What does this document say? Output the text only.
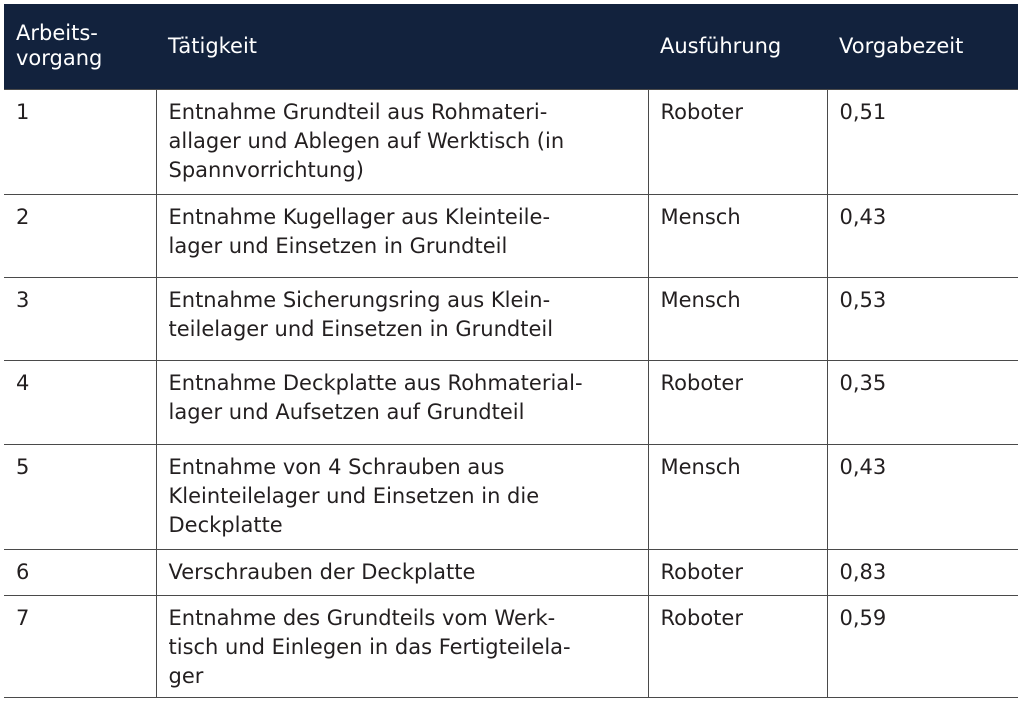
Arbeits-
vorgang	Tätigkeit	Ausführung	Vorgabezeit
1	Entnahme Grundteil aus Rohmateri-
allager und Ablegen auf Werktisch (in
Spannvorrichtung)	Roboter	0,51
2	Entnahme Kugellager aus Kleinteile-
lager und Einsetzen in Grundteil	Mensch	0,43
3	Entnahme Sicherungsring aus Klein-
teilelager und Einsetzen in Grundteil	Mensch	0,53
4	Entnahme Deckplatte aus Rohmaterial-
lager und Aufsetzen auf Grundteil	Roboter	0,35
5	Entnahme von 4 Schrauben aus
Kleinteilelager und Einsetzen in die
Deckplatte	Mensch	0,43
6	Verschrauben der Deckplatte	Roboter	0,83
7	Entnahme des Grundteils vom Werk-
tisch und Einlegen in das Fertigteilela-
ger	Roboter	0,59
